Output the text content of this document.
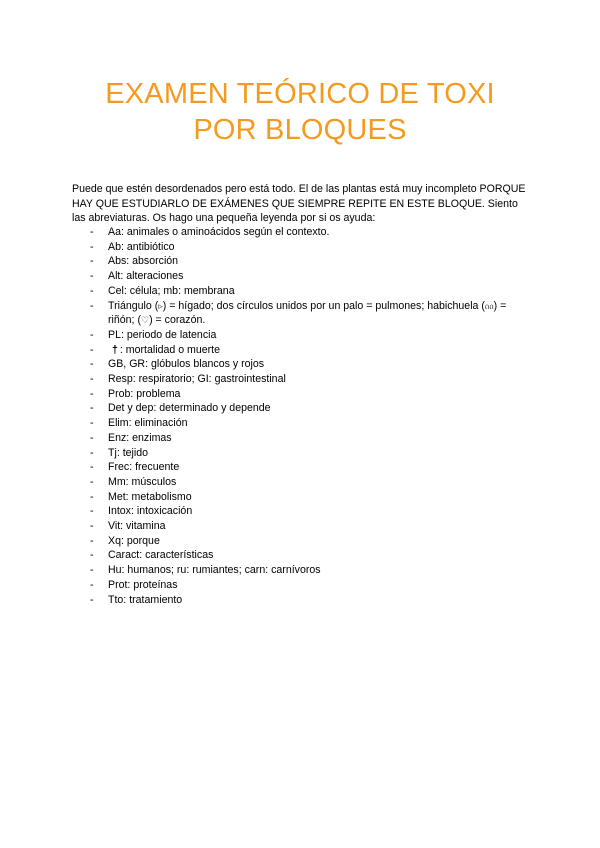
EXAMEN TEÓRICO DE TOXI
POR BLOQUES

Puede que estén desordenados pero está todo. El de las plantas está muy incompleto PORQUE HAY QUE ESTUDIARLO DE EXÁMENES QUE SIEMPRE REPITE EN ESTE BLOQUE. Siento las abreviaturas. Os hago una pequeña leyenda por si os ayuda:

- Aa: animales o aminoácidos según el contexto.
- Ab: antibiótico
- Abs: absorción
- Alt: alteraciones
- Cel: célula; mb: membrana
- Triángulo (▹) = hígado; dos círculos unidos por un palo = pulmones; habichuela (ᦶ) = riñón; (♡) = corazón.
- PL: periodo de latencia
- † : mortalidad o muerte
- GB, GR: glóbulos blancos y rojos
- Resp: respiratorio; GI: gastrointestinal
- Prob: problema
- Det y dep: determinado y depende
- Elim: eliminación
- Enz: enzimas
- Tj: tejido
- Frec: frecuente
- Mm: músculos
- Met: metabolismo
- Intox: intoxicación
- Vit: vitamina
- Xq: porque
- Caract: características
- Hu: humanos; ru: rumiantes; carn: carnívoros
- Prot: proteínas
- Tto: tratamiento
